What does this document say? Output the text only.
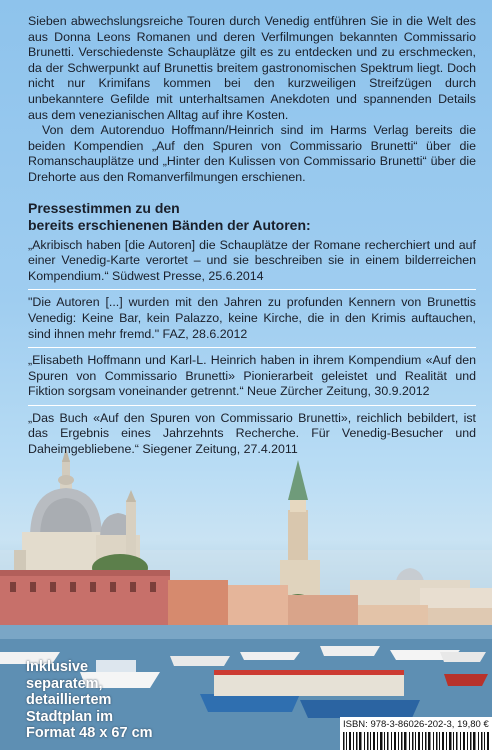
Sieben abwechslungsreiche Touren durch Venedig entführen Sie in die Welt des aus Donna Leons Romanen und deren Verfilmungen bekannten Commissario Brunetti. Verschiedenste Schauplätze gilt es zu entdecken und zu erschmecken, da der Schwerpunkt auf Brunettis breitem gastronomischen Spektrum liegt. Doch nicht nur Krimifans kommen bei den kurzweiligen Streifzügen durch unbekanntere Gefilde mit unterhaltsamen Anekdoten und spannenden Details aus dem venezianischen Alltag auf ihre Kosten.

Von dem Autorenduo Hoffmann/Heinrich sind im Harms Verlag bereits die beiden Kompendien „Auf den Spuren von Commissario Brunetti“ über die Romanschauplätze und „Hinter den Kulissen von Commissario Brunetti“ über die Drehorte aus den Romanverfilmungen erschienen.

Pressestimmen zu den
bereits erschienenen Bänden der Autoren:

„Akribisch haben [die Autoren] die Schauplätze der Romane recherchiert und auf einer Venedig-Karte verortet – und sie beschreiben sie in einem bilderreichen Kompendium.“ Südwest Presse, 25.6.2014

"Die Autoren [...] wurden mit den Jahren zu profunden Kennern von Brunettis Venedig: Keine Bar, kein Palazzo, keine Kirche, die in den Krimis auftauchen, sind ihnen mehr fremd." FAZ, 28.6.2012

„Elisabeth Hoffmann und Karl-L. Heinrich haben in ihrem Kompendium «Auf den Spuren von Commissario Brunetti» Pionierarbeit geleistet und Realität und Fiktion sorgsam voneinander getrennt.“ Neue Zürcher Zeitung, 30.9.2012

„Das Buch «Auf den Spuren von Commissario Brunetti», reichlich bebildert, ist das Ergebnis eines Jahrzehnts Recherche. Für Venedig-Besucher und Daheimgebliebene.“ Siegener Zeitung, 27.4.2011

Inklusive
separatem,
detailliertem
Stadtplan im
Format 48 x 67 cm
ISBN: 978-3-86026-202-3, 19,80 €
